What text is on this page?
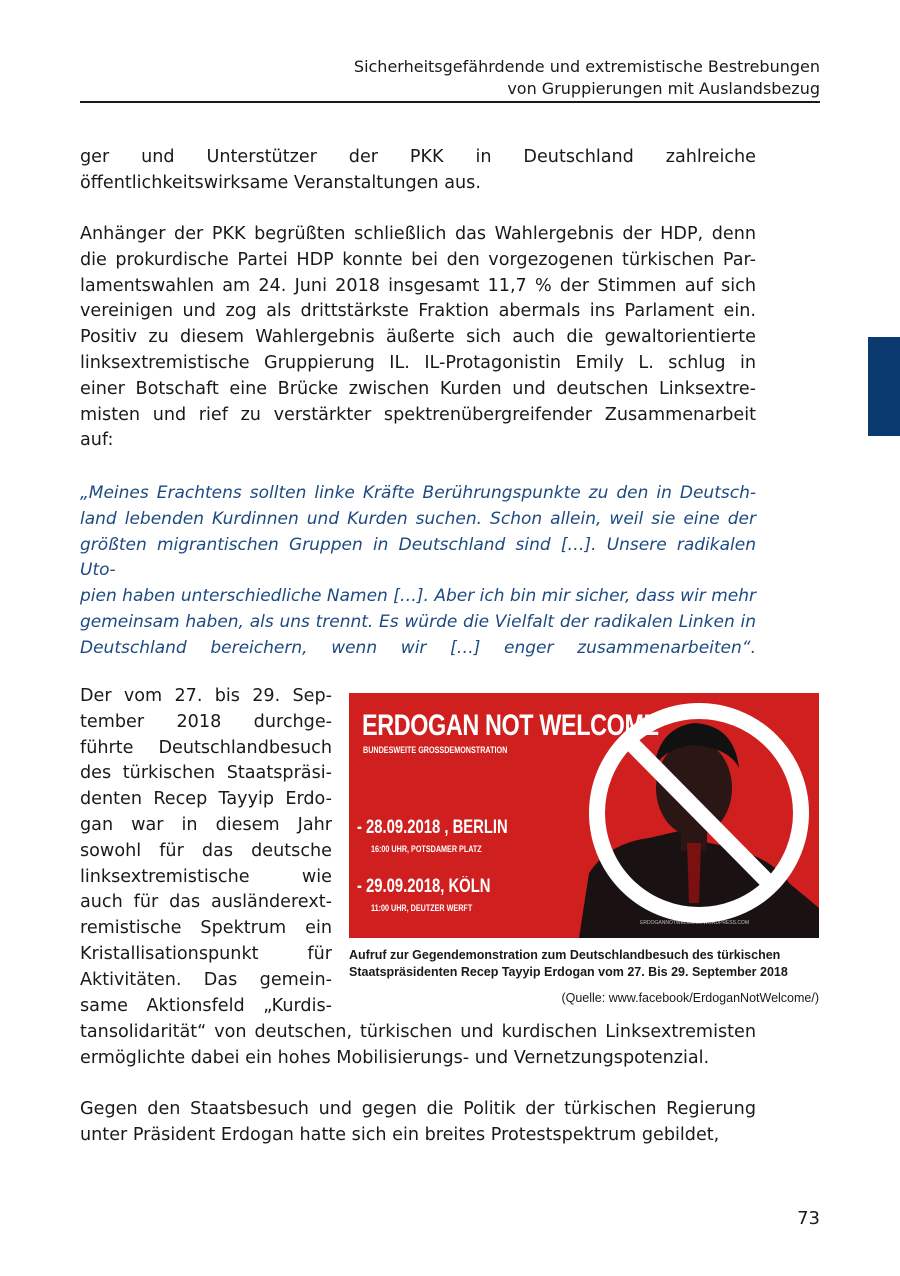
Sicherheitsgefährdende und extremistische Bestrebungen
von Gruppierungen mit Auslandsbezug
ger und Unterstützer der PKK in Deutschland zahlreiche
öffentlichkeitswirksame Veranstaltungen aus.
Anhänger der PKK begrüßten schließlich das Wahlergebnis der HDP, denn
die prokurdische Partei HDP konnte bei den vorgezogenen türkischen Par-
lamentswahlen am 24. Juni 2018 insgesamt 11,7 % der Stimmen auf sich
vereinigen und zog als drittstärkste Fraktion abermals ins Parlament ein.
Positiv zu diesem Wahlergebnis äußerte sich auch die gewaltorientierte
linksextremistische Gruppierung IL. IL-Protagonistin Emily L. schlug in
einer Botschaft eine Brücke zwischen Kurden und deutschen Linksextre-
misten und rief zu verstärkter spektrenübergreifender Zusammenarbeit
auf:
„Meines Erachtens sollten linke Kräfte Berührungspunkte zu den in Deutsch-
land lebenden Kurdinnen und Kurden suchen. Schon allein, weil sie eine der
größten migrantischen Gruppen in Deutschland sind […]. Unsere radikalen Uto-
pien haben unterschiedliche Namen […]. Aber ich bin mir sicher, dass wir mehr
gemeinsam haben, als uns trennt. Es würde die Vielfalt der radikalen Linken in
Deutschland bereichern, wenn wir […] enger zusammenarbeiten“.
Der vom 27. bis 29. Sep-
tember 2018 durchge-
führte Deutschlandbesuch
des türkischen Staatspräsi-
denten Recep Tayyip Erdo-
gan war in diesem Jahr
sowohl für das deutsche
linksextremistische wie
auch für das ausländerext-
remistische Spektrum ein
Kristallisationspunkt für
Aktivitäten. Das gemein-
same Aktionsfeld „Kurdis-
tansolidarität“ von deutschen, türkischen und kurdischen Linksextremisten
ermöglichte dabei ein hohes Mobilisierungs- und Vernetzungspotenzial.
Gegen den Staatsbesuch und gegen die Politik der türkischen Regierung
unter Präsident Erdogan hatte sich ein breites Protestspektrum gebildet,
ERDOGAN NOT WELCOME
BUNDESWEITE GROSSDEMONSTRATION
- 28.09.2018 , BERLIN
16:00 UHR, POTSDAMER PLATZ
- 29.09.2018, KÖLN
11:00 UHR, DEUTZER WERFT
ERDOGANNOTWELCOME.WORDPRESS.COM
Aufruf zur Gegendemonstration zum Deutschlandbesuch des türkischen
Staatspräsidenten Recep Tayyip Erdogan vom 27. Bis 29. September 2018
(Quelle: www.facebook/ErdoganNotWelcome/)
73
